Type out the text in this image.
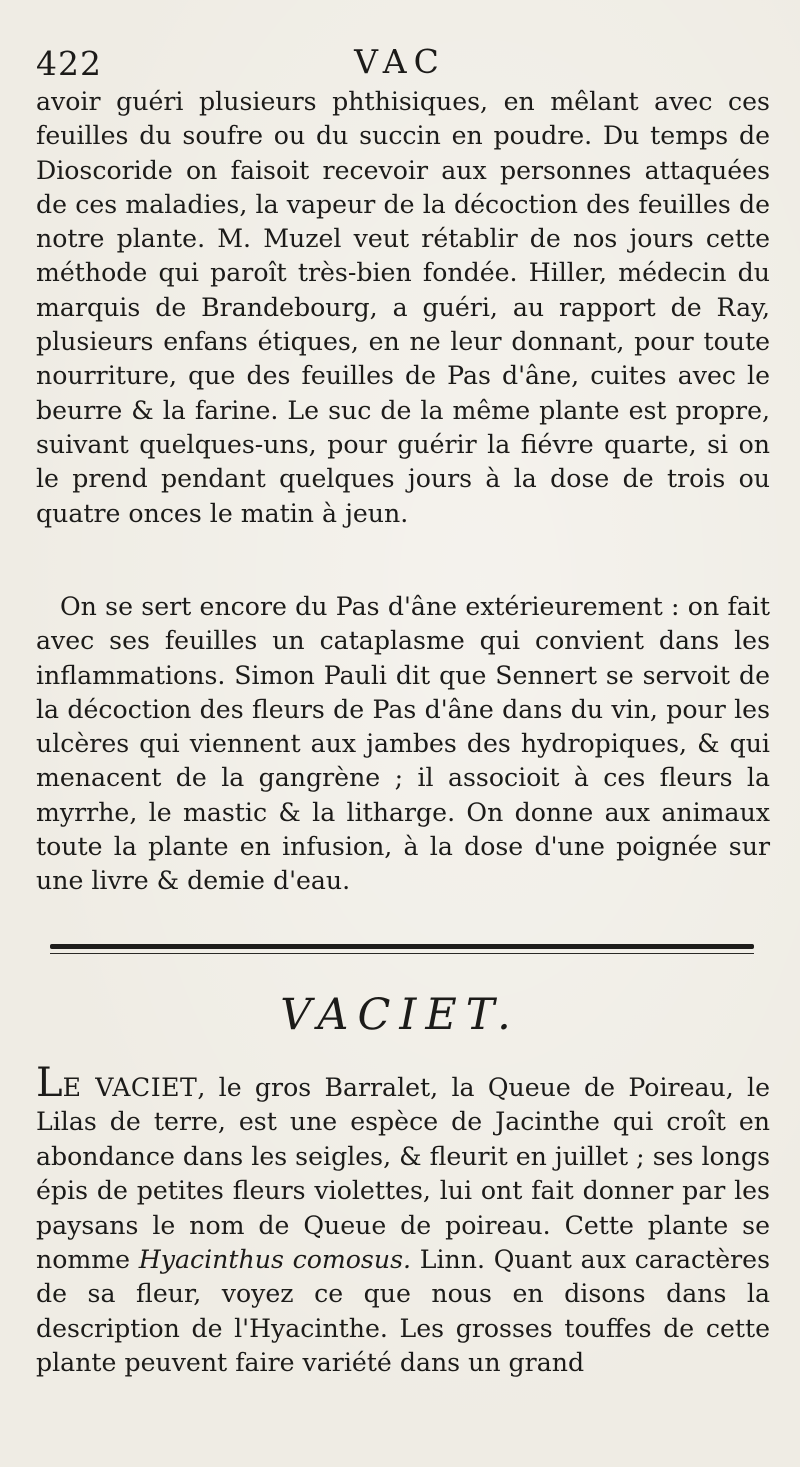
422	VAC

avoir guéri plusieurs phthisiques, en mêlant avec ces feuilles du soufre ou du succin en poudre. Du temps de Dioscoride on faisoit recevoir aux personnes attaquées de ces maladies, la vapeur de la décoction des feuilles de notre plante. M. Muzel veut rétablir de nos jours cette méthode qui paroît très-bien fondée. Hiller, médecin du marquis de Brandebourg, a guéri, au rapport de Ray, plusieurs enfans étiques, en ne leur donnant, pour toute nourriture, que des feuilles de Pas d'âne, cuites avec le beurre & la farine. Le suc de la même plante est propre, suivant quelques-uns, pour guérir la fiévre quarte, si on le prend pendant quelques jours à la dose de trois ou quatre onces le matin à jeun.

On se sert encore du Pas d'âne extérieurement : on fait avec ses feuilles un cataplasme qui convient dans les inflammations. Simon Pauli dit que Sennert se servoit de la décoction des fleurs de Pas d'âne dans du vin, pour les ulcères qui viennent aux jambes des hydropiques, & qui menacent de la gangrène ; il associoit à ces fleurs la myrrhe, le mastic & la litharge. On donne aux animaux toute la plante en infusion, à la dose d'une poignée sur une livre & demie d'eau.

VACIET.

LE VACIET, le gros Barralet, la Queue de Poireau, le Lilas de terre, est une espèce de Jacinthe qui croît en abondance dans les seigles, & fleurit en juillet ; ses longs épis de petites fleurs violettes, lui ont fait donner par les paysans le nom de Queue de poireau. Cette plante se nomme Hyacinthus comosus. Linn. Quant aux caractères de sa fleur, voyez ce que nous en disons dans la description de l'Hyacinthe. Les grosses touffes de cette plante peuvent faire variété dans un grand
